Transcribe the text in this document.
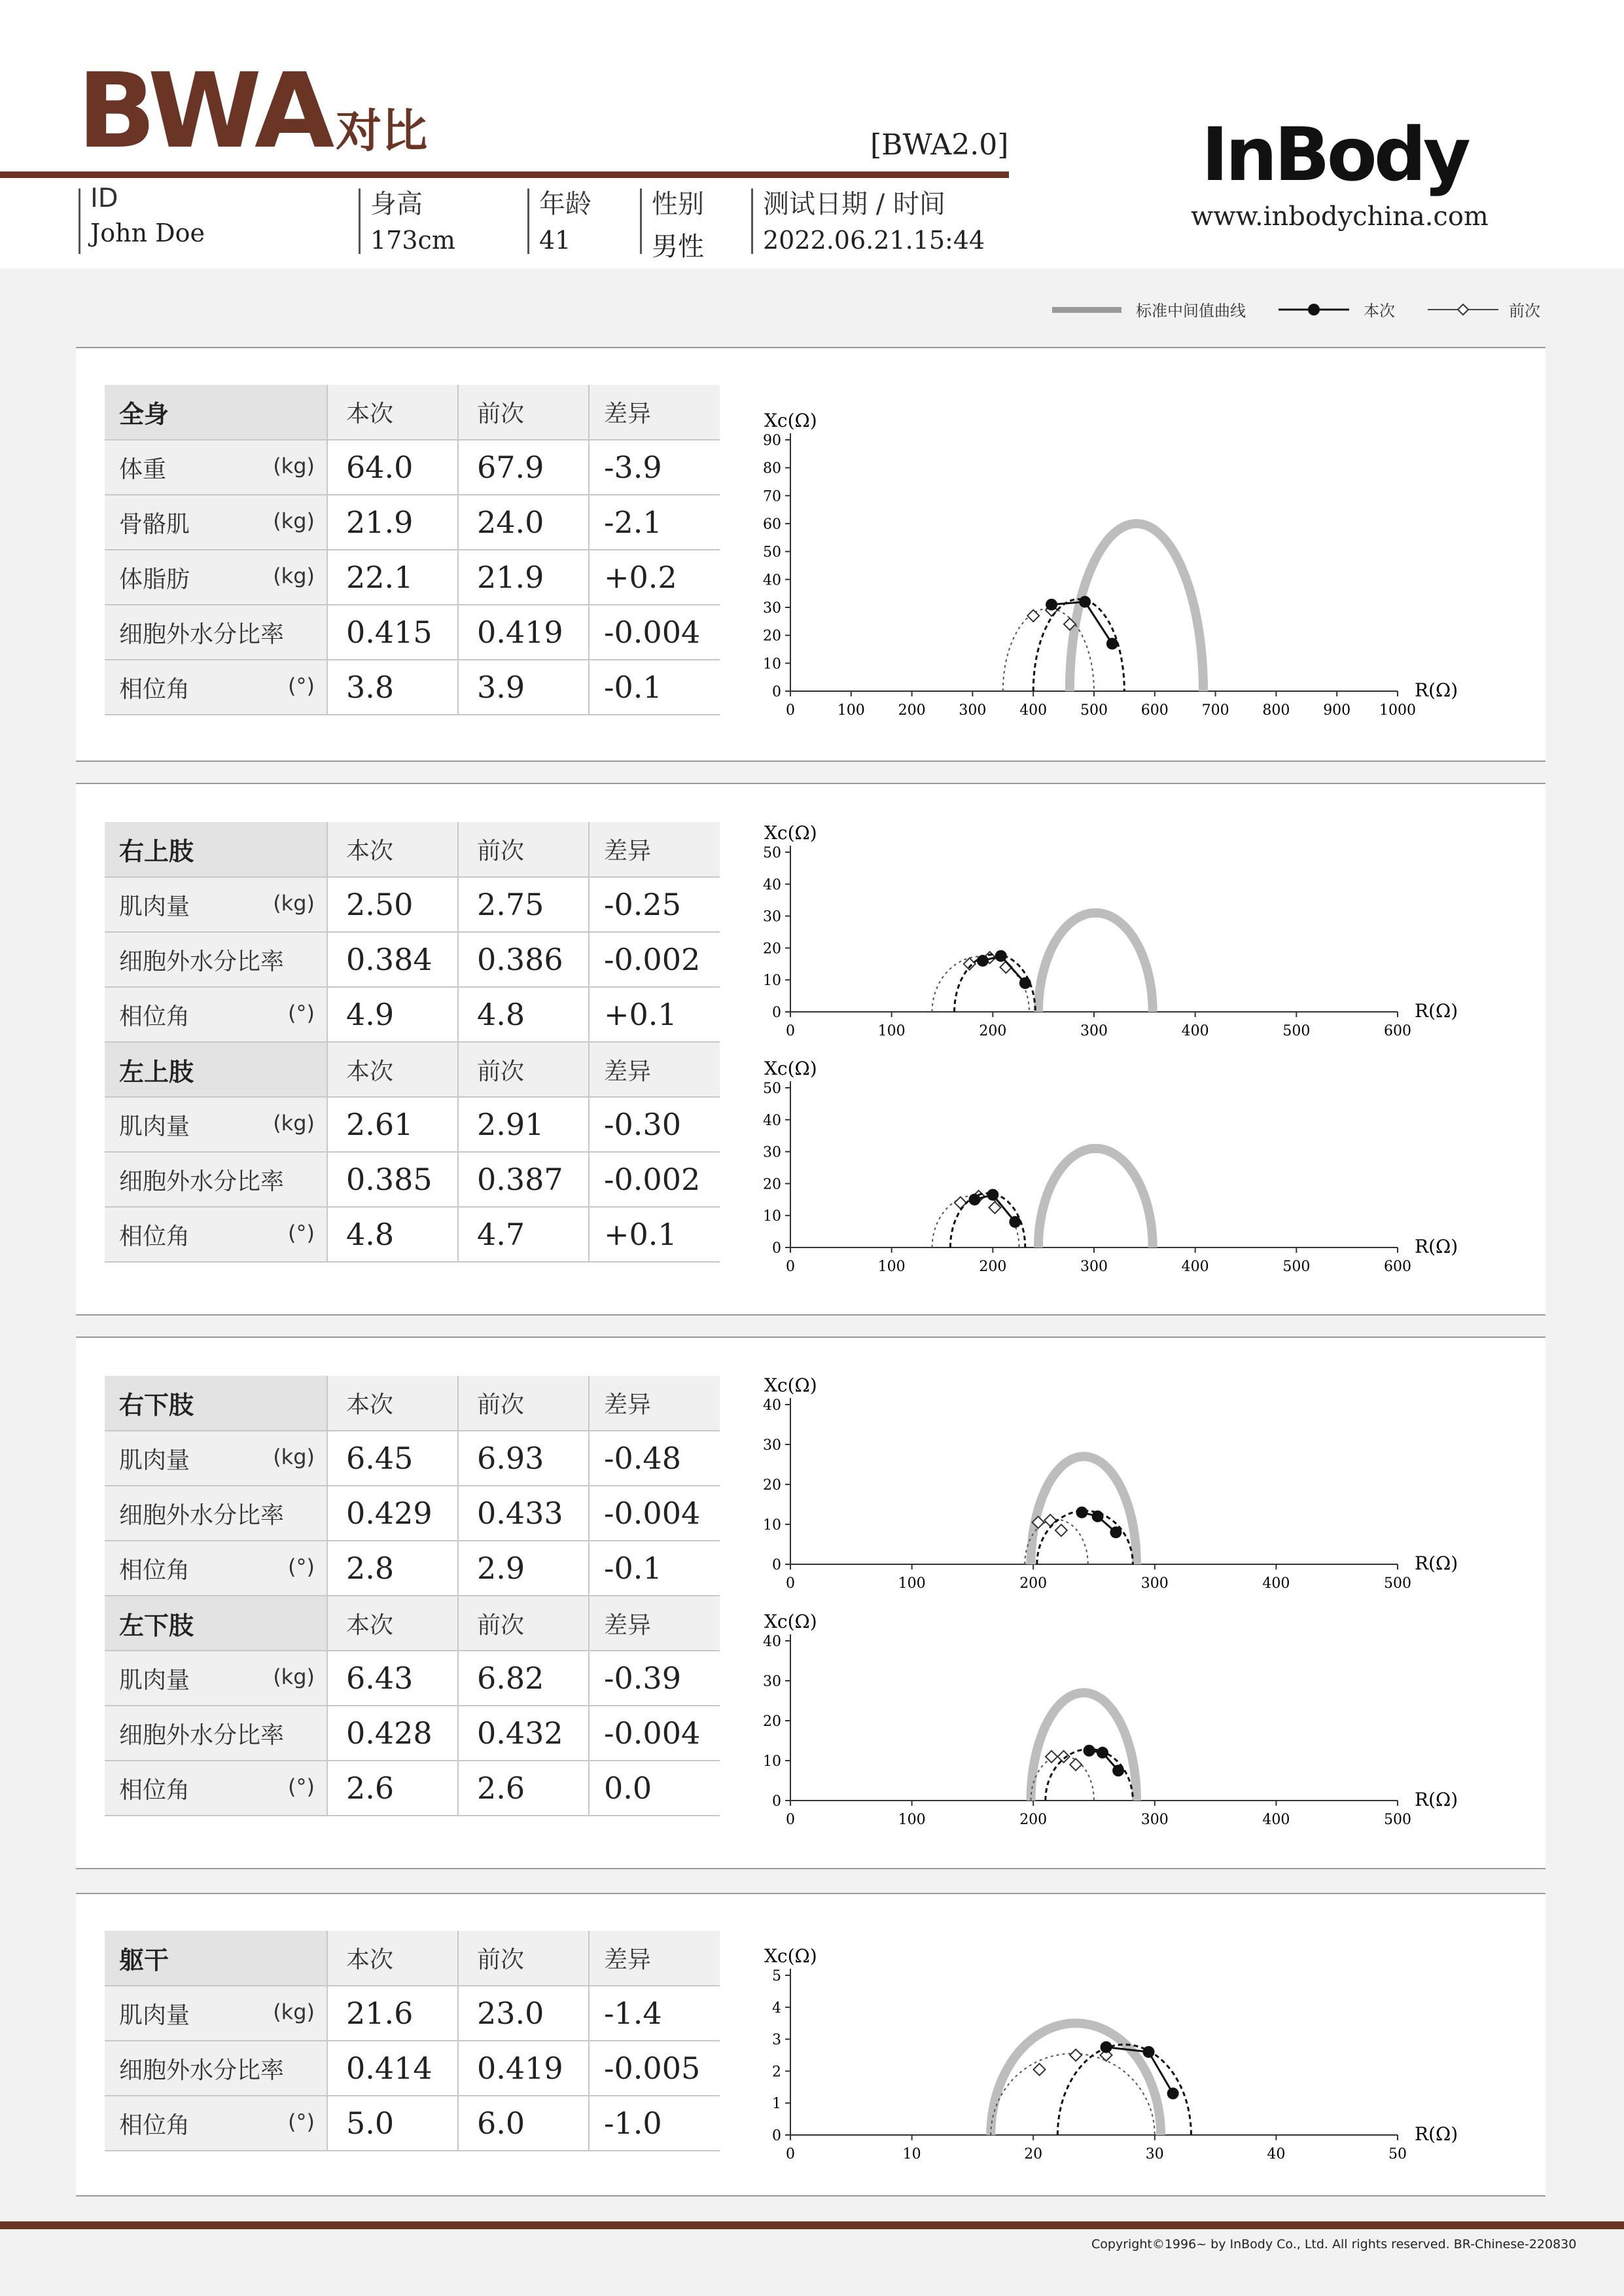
BWA对比	[BWA2.0]
ID
John Doe
身高
173cm
年龄
41
性别
男性
测试日期 / 时间
2022.06.21.15:44
InBody
www.inbodychina.com
标准中间值曲线	本次	前次
全身	本次	前次	差异
体重 (kg)	64.0	67.9	-3.9
骨骼肌 (kg)	21.9	24.0	-2.1
体脂肪 (kg)	22.1	21.9	+0.2
细胞外水分比率	0.415	0.419	-0.004
相位角 (°)	3.8	3.9	-0.1
右上肢	本次	前次	差异
肌肉量 (kg)	2.50	2.75	-0.25
细胞外水分比率	0.384	0.386	-0.002
相位角 (°)	4.9	4.8	+0.1
左上肢	本次	前次	差异
肌肉量 (kg)	2.61	2.91	-0.30
细胞外水分比率	0.385	0.387	-0.002
相位角 (°)	4.8	4.7	+0.1
右下肢	本次	前次	差异
肌肉量 (kg)	6.45	6.93	-0.48
细胞外水分比率	0.429	0.433	-0.004
相位角 (°)	2.8	2.9	-0.1
左下肢	本次	前次	差异
肌肉量 (kg)	6.43	6.82	-0.39
细胞外水分比率	0.428	0.432	-0.004
相位角 (°)	2.6	2.6	0.0
躯干	本次	前次	差异
肌肉量 (kg)	21.6	23.0	-1.4
细胞外水分比率	0.414	0.419	-0.005
相位角 (°)	5.0	6.0	-1.0
Xc(Ω)
R(Ω)
0
10
20
30
40
50
60
70
80
90
0	100 200 300 400 500 600 700 800 900 1000
Xc(Ω)
R(Ω)
0
10
20
30
40
50
0	100	200	300	400	500	600
Xc(Ω)
R(Ω)
0
10
20
30
40
50
0	100	200	300	400	500	600
Xc(Ω)
R(Ω)
0
10
20
30
40
0	100	200	300	400	500
Xc(Ω)
R(Ω)
0
10
20
30
40
0	100	200	300	400	500
Xc(Ω)
R(Ω)
0
1
2
3
4
5
0	10	20	30	40	50
Copyright©1996~ by InBody Co., Ltd. All rights reserved. BR-Chinese-220830
